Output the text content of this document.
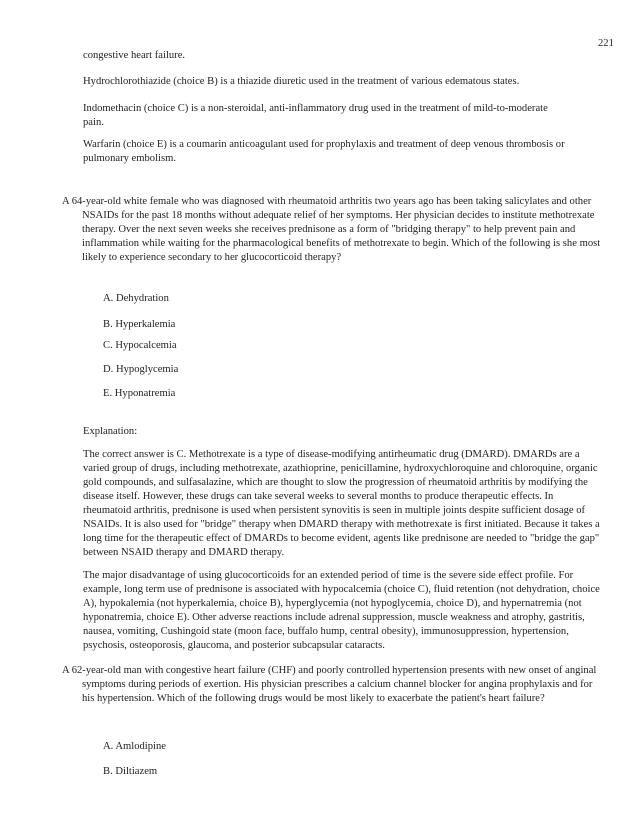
221

congestive heart failure.

Hydrochlorothiazide (choice B) is a thiazide diuretic used in the treatment of various edematous states.

Indomethacin (choice C) is a non-steroidal, anti-inflammatory drug used in the treatment of mild-to-moderate pain.

Warfarin (choice E) is a coumarin anticoagulant used for prophylaxis and treatment of deep venous thrombosis or pulmonary embolism.

A 64-year-old white female who was diagnosed with rheumatoid arthritis two years ago has been taking salicylates and other NSAIDs for the past 18 months without adequate relief of her symptoms. Her physician decides to institute methotrexate therapy. Over the next seven weeks she receives prednisone as a form of "bridging therapy" to help prevent pain and inflammation while waiting for the pharmacological benefits of methotrexate to begin. Which of the following is she most likely to experience secondary to her glucocorticoid therapy?

A. Dehydration
B. Hyperkalemia
C. Hypocalcemia
D. Hypoglycemia
E. Hyponatremia
Explanation:

The correct answer is C. Methotrexate is a type of disease-modifying antirheumatic drug (DMARD). DMARDs are a varied group of drugs, including methotrexate, azathioprine, penicillamine, hydroxychloroquine and chloroquine, organic gold compounds, and sulfasalazine, which are thought to slow the progression of rheumatoid arthritis by modifying the disease itself. However, these drugs can take several weeks to several months to produce therapeutic effects. In rheumatoid arthritis, prednisone is used when persistent synovitis is seen in multiple joints despite sufficient dosage of NSAIDs. It is also used for "bridge" therapy when DMARD therapy with methotrexate is first initiated. Because it takes a long time for the therapeutic effect of DMARDs to become evident, agents like prednisone are needed to "bridge the gap" between NSAID therapy and DMARD therapy.

The major disadvantage of using glucocorticoids for an extended period of time is the severe side effect profile. For example, long term use of prednisone is associated with hypocalcemia (choice C), fluid retention (not dehydration, choice A), hypokalemia (not hyperkalemia, choice B), hyperglycemia (not hypoglycemia, choice D), and hypernatremia (not hyponatremia, choice E). Other adverse reactions include adrenal suppression, muscle weakness and atrophy, gastritis, nausea, vomiting, Cushingoid state (moon face, buffalo hump, central obesity), immunosuppression, hypertension, psychosis, osteoporosis, glaucoma, and posterior subcapsular cataracts.

A 62-year-old man with congestive heart failure (CHF) and poorly controlled hypertension presents with new onset of anginal symptoms during periods of exertion. His physician prescribes a calcium channel blocker for angina prophylaxis and for his hypertension. Which of the following drugs would be most likely to exacerbate the patient's heart failure?

A. Amlodipine
B. Diltiazem
